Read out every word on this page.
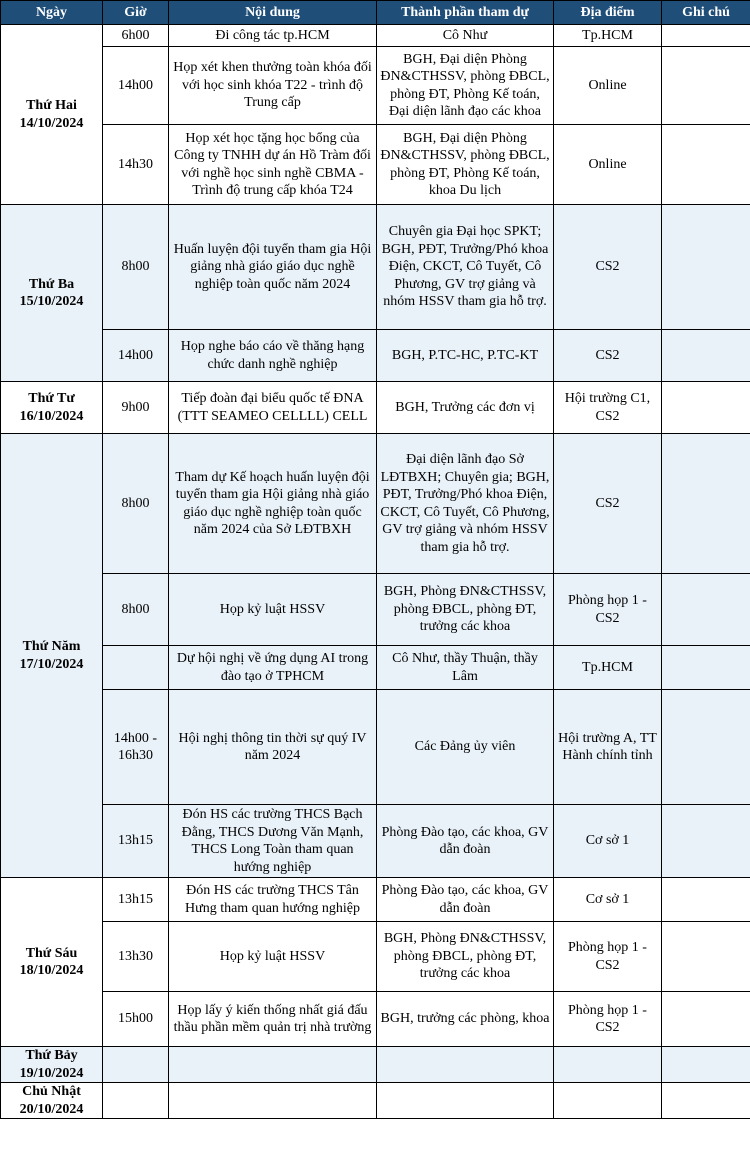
Ngày	Giờ	Nội dung	Thành phần tham dự	Địa điểm	Ghi chú

Thứ Hai
14/10/2024	6h00	Đi công tác tp.HCM	Cô Như	Tp.HCM	
	14h00	Họp xét khen thưởng toàn khóa đối với học sinh khóa T22 - trình độ Trung cấp	BGH, Đại diện Phòng ĐN&CTHSSV, phòng ĐBCL, phòng ĐT, Phòng Kế toán, Đại diện lãnh đạo các khoa	Online	
	14h30	Họp xét học tặng học bổng của Công ty TNHH dự án Hồ Tràm đối với nghề học sinh nghề CBMA - Trình độ trung cấp khóa T24	BGH, Đại diện Phòng ĐN&CTHSSV, phòng ĐBCL, phòng ĐT, Phòng Kế toán, khoa Du lịch	Online	

Thứ Ba
15/10/2024	8h00	Huấn luyện đội tuyển tham gia Hội giảng nhà giáo giáo dục nghề nghiệp toàn quốc năm 2024	Chuyên gia Đại học SPKT; BGH, PĐT, Trưởng/Phó khoa Điện, CKCT, Cô Tuyết, Cô Phương, GV trợ giảng và nhóm HSSV tham gia hỗ trợ.	CS2	
	14h00	Họp nghe báo cáo về thăng hạng chức danh nghề nghiệp	BGH, P.TC-HC, P.TC-KT	CS2	

Thứ Tư
16/10/2024	9h00	Tiếp đoàn đại biểu quốc tế ĐNA (TTT SEAMEO CELLLL) CELL	BGH, Trưởng các đơn vị	Hội trường C1, CS2	

Thứ Năm
17/10/2024	8h00	Tham dự Kế hoạch huấn luyện đội tuyển tham gia Hội giảng nhà giáo giáo dục nghề nghiệp toàn quốc năm 2024 của Sở LĐTBXH	Đại diện lãnh đạo Sở LĐTBXH; Chuyên gia; BGH, PĐT, Trưởng/Phó khoa Điện, CKCT, Cô Tuyết, Cô Phương, GV trợ giảng và nhóm HSSV tham gia hỗ trợ.	CS2	
	8h00	Họp kỷ luật HSSV	BGH, Phòng ĐN&CTHSSV, phòng ĐBCL, phòng ĐT, trưởng các khoa	Phòng họp 1 - CS2	
		Dự hội nghị về ứng dụng AI trong đào tạo ở TPHCM	Cô Như, thầy Thuận, thầy Lâm	Tp.HCM	
	14h00 - 16h30	Hội nghị thông tin thời sự quý IV năm 2024	Các Đảng ủy viên	Hội trường A, TT Hành chính tỉnh	
	13h15	Đón HS các trường THCS Bạch Đằng, THCS Dương Văn Mạnh, THCS Long Toàn tham quan hướng nghiệp	Phòng Đào tạo, các khoa, GV dẫn đoàn	Cơ sở 1	

Thứ Sáu
18/10/2024	13h15	Đón HS các trường THCS Tân Hưng tham quan hướng nghiệp	Phòng Đào tạo, các khoa, GV dẫn đoàn	Cơ sở 1	
	13h30	Họp kỷ luật HSSV	BGH, Phòng ĐN&CTHSSV, phòng ĐBCL, phòng ĐT, trưởng các khoa	Phòng họp 1 - CS2	
	15h00	Họp lấy ý kiến thống nhất giá đấu thầu phần mềm quản trị nhà trường	BGH, trưởng các phòng, khoa	Phòng họp 1 - CS2	

Thứ Bảy
19/10/2024					

Chủ Nhật
20/10/2024					
